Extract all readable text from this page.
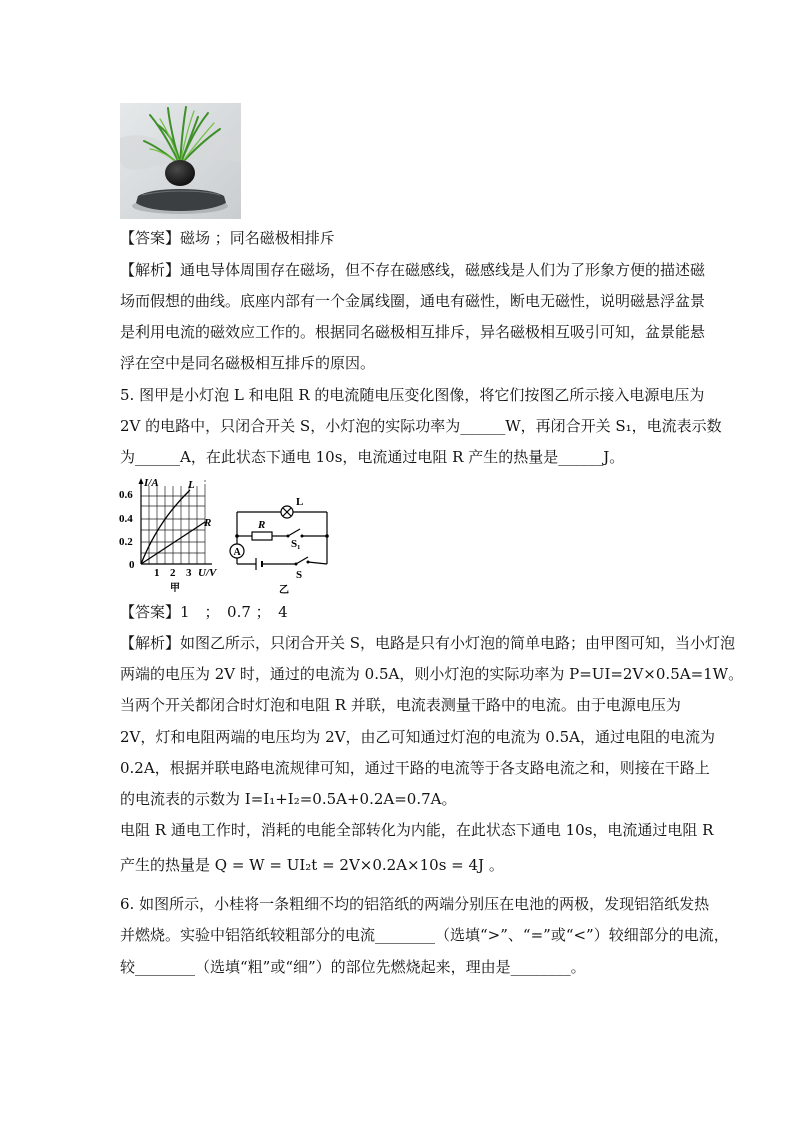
【答案】磁场 ；同名磁极相排斥
【解析】通电导体周围存在磁场，但不存在磁感线，磁感线是人们为了形象方便的描述磁
场而假想的曲线。底座内部有一个金属线圈，通电有磁性，断电无磁性，说明磁悬浮盆景
是利用电流的磁效应工作的。根据同名磁极相互排斥，异名磁极相互吸引可知，盆景能悬
浮在空中是同名磁极相互排斥的原因。
5. 图甲是小灯泡 L 和电阻 R 的电流随电压变化图像，将它们按图乙所示接入电源电压为
2V 的电路中，只闭合开关 S，小灯泡的实际功率为______W，再闭合开关 S₁，电流表示数
为______A，在此状态下通电 10s，电流通过电阻 R 产生的热量是______J。
I/A	L
R
0.6
0.4
0.2
0
1 2 3 U/V
甲
L
R
S₁
S
A
乙
【答案】1　；　0.7 ；　4
【解析】如图乙所示，只闭合开关 S，电路是只有小灯泡的简单电路；由甲图可知，当小灯泡
两端的电压为 2V 时，通过的电流为 0.5A，则小灯泡的实际功率为 P=UI=2V×0.5A=1W。
当两个开关都闭合时灯泡和电阻 R 并联，电流表测量干路中的电流。由于电源电压为
2V，灯和电阻两端的电压均为 2V，由乙可知通过灯泡的电流为 0.5A，通过电阻的电流为
0.2A，根据并联电路电流规律可知，通过干路的电流等于各支路电流之和，则接在干路上
的电流表的示数为 I=I₁+I₂=0.5A+0.2A=0.7A。
电阻 R 通电工作时，消耗的电能全部转化为内能，在此状态下通电 10s，电流通过电阻 R
产生的热量是 Q = W = UI₂t = 2V×0.2A×10s = 4J 。
6. 如图所示，小桂将一条粗细不均的铝箔纸的两端分别压在电池的两极，发现铝箔纸发热
并燃烧。实验中铝箔纸较粗部分的电流________（选填“>”、“=”或“<”）较细部分的电流，
较________（选填“粗”或“细”）的部位先燃烧起来，理由是________。
